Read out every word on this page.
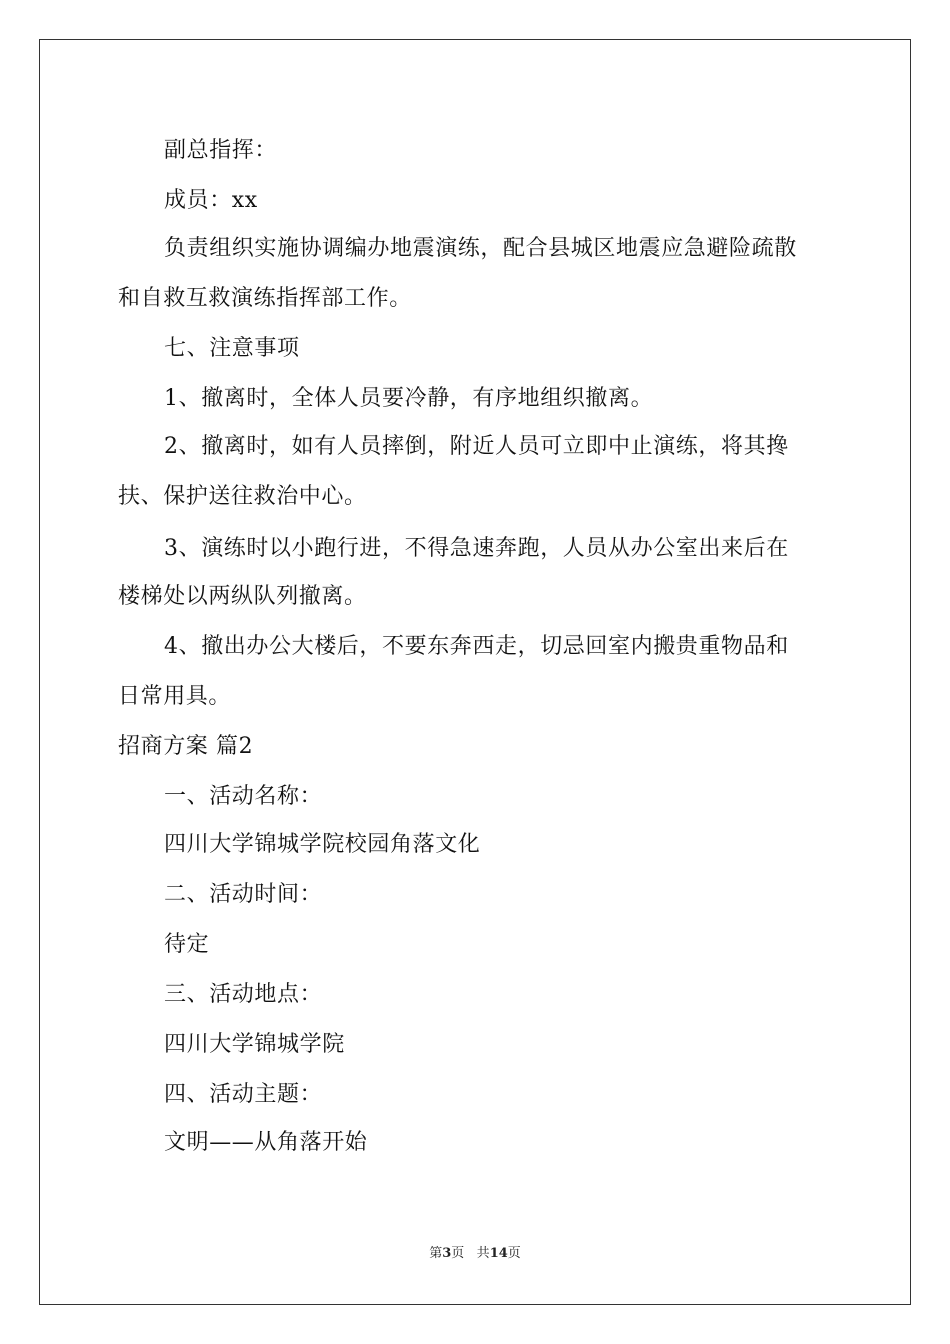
副总指挥：
成员：xx
负责组织实施协调编办地震演练，配合县城区地震应急避险疏散
和自救互救演练指挥部工作。
七、注意事项
1、撤离时，全体人员要冷静，有序地组织撤离。
2、撤离时，如有人员摔倒，附近人员可立即中止演练，将其搀
扶、保护送往救治中心。
3、演练时以小跑行进，不得急速奔跑，人员从办公室出来后在
楼梯处以两纵队列撤离。
4、撤出办公大楼后，不要东奔西走，切忌回室内搬贵重物品和
日常用具。
招商方案 篇2
一、活动名称：
四川大学锦城学院校园角落文化
二、活动时间：
待定
三、活动地点：
四川大学锦城学院
四、活动主题：
文明——从角落开始
第3页 共14页
